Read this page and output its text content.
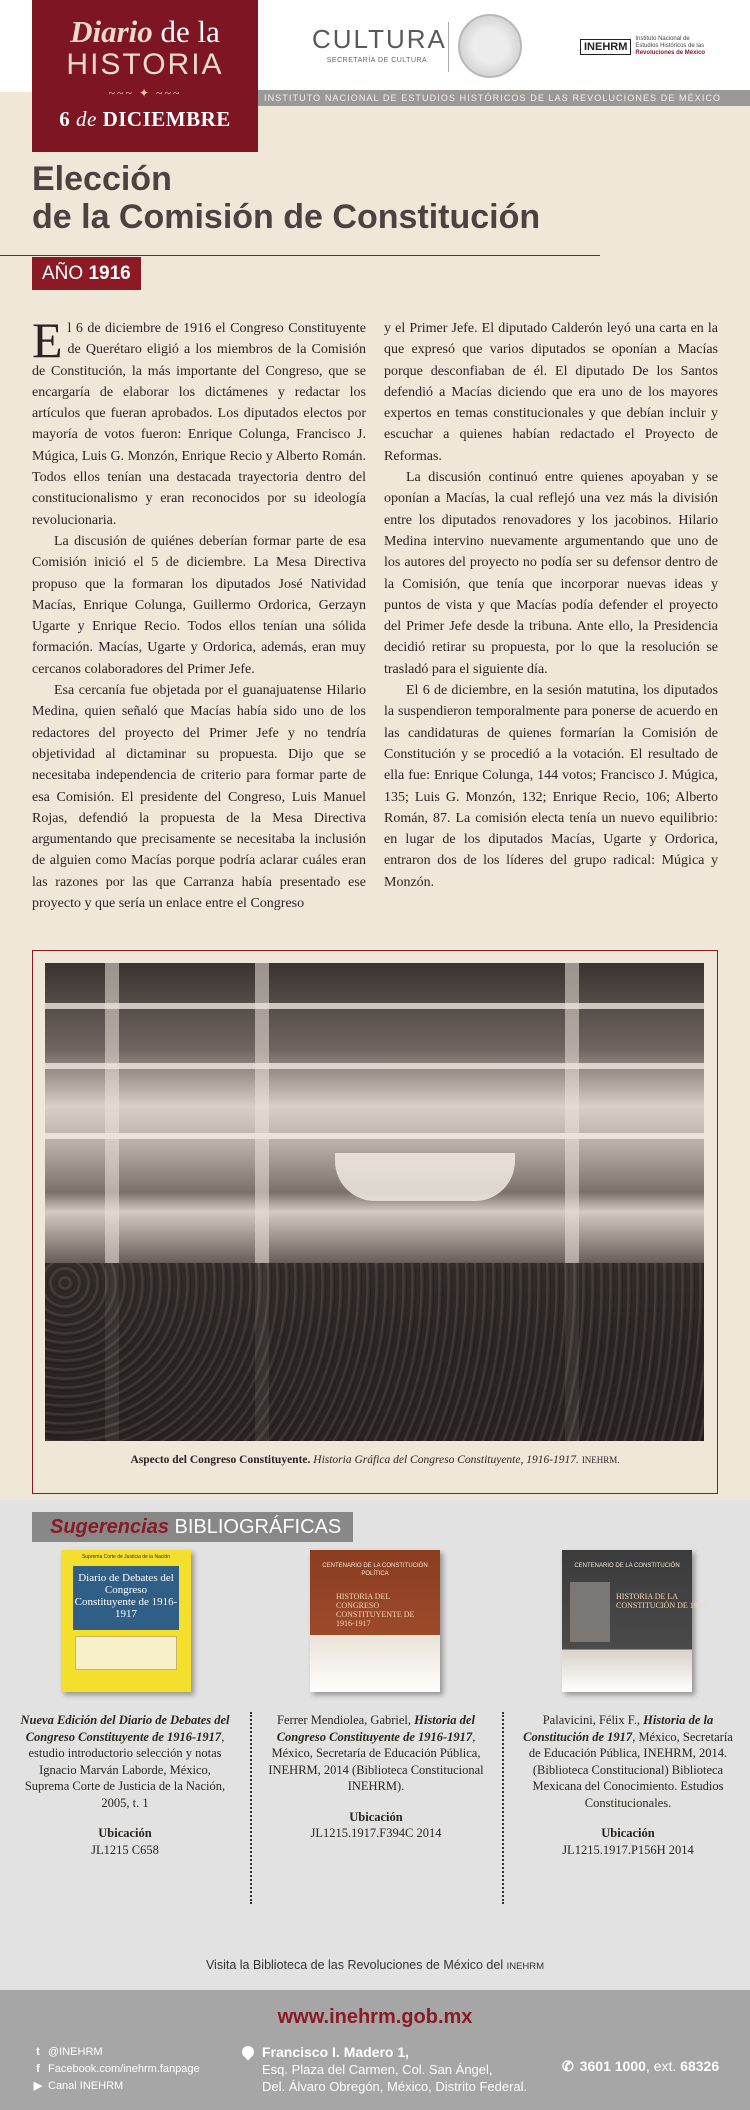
INSTITUTO NACIONAL DE ESTUDIOS HISTÓRICOS DE LAS REVOLUCIONES DE MÉXICO
Diario de la
HISTORIA
~~~ ✦ ~~~
6 de DICIEMBRE
CULTURA
SECRETARÍA DE CULTURA
INEHRM
Instituto Nacional de
Estudios Históricos de las
Revoluciones de México
Elección
de la Comisión de Constitución
AÑO 1916

El 6 de diciembre de 1916 el Congreso Constituyente de Querétaro eligió a los miembros de la Comisión de Constitución, la más importante del Congreso, que se encargaría de elaborar los dictámenes y redactar los artículos que fueran aprobados. Los diputados electos por mayoría de votos fueron: Enrique Colunga, Francisco J. Múgica, Luis G. Monzón, Enrique Recio y Alberto Román. Todos ellos tenían una destacada trayectoria dentro del constitucionalismo y eran reconocidos por su ideología revolucionaria.

La discusión de quiénes deberían formar parte de esa Comisión inició el 5 de diciembre. La Mesa Directiva propuso que la formaran los diputados José Natividad Macías, Enrique Colunga, Guillermo Ordorica, Gerzayn Ugarte y Enrique Recio. Todos ellos tenían una sólida formación. Macías, Ugarte y Ordorica, además, eran muy cercanos colaboradores del Primer Jefe.

Esa cercanía fue objetada por el guanajuatense Hilario Medina, quien señaló que Macías había sido uno de los redactores del proyecto del Primer Jefe y no tendría objetividad al dictaminar su propuesta. Dijo que se necesitaba independencia de criterio para formar parte de esa Comisión. El presidente del Congreso, Luis Manuel Rojas, defendió la propuesta de la Mesa Directiva argumentando que precisamente se necesitaba la inclusión de alguien como Macías porque podría aclarar cuáles eran las razones por las que Carranza había presentado ese proyecto y que sería un enlace entre el Congreso

y el Primer Jefe. El diputado Calderón leyó una carta en la que expresó que varios diputados se oponían a Macías porque desconfiaban de él. El diputado De los Santos defendió a Macías diciendo que era uno de los mayores expertos en temas constitucionales y que debían incluir y escuchar a quienes habían redactado el Proyecto de Reformas.

La discusión continuó entre quienes apoyaban y se oponían a Macías, la cual reflejó una vez más la división entre los diputados renovadores y los jacobinos. Hilario Medina intervino nuevamente argumentando que uno de los autores del proyecto no podía ser su defensor dentro de la Comisión, que tenía que incorporar nuevas ideas y puntos de vista y que Macías podía defender el proyecto del Primer Jefe desde la tribuna. Ante ello, la Presidencia decidió retirar su propuesta, por lo que la resolución se trasladó para el siguiente día.

El 6 de diciembre, en la sesión matutina, los diputados la suspendieron temporalmente para ponerse de acuerdo en las candidaturas de quienes formarían la Comisión de Constitución y se procedió a la votación. El resultado de ella fue: Enrique Colunga, 144 votos; Francisco J. Múgica, 135; Luis G. Monzón, 132; Enrique Recio, 106; Alberto Román, 87. La comisión electa tenía un nuevo equilibrio: en lugar de los diputados Macías, Ugarte y Ordorica, entraron dos de los líderes del grupo radical: Múgica y Monzón.

Aspecto del Congreso Constituyente. Historia Gráfica del Congreso Constituyente, 1916-1917. INEHRM.
Sugerencias BIBLIOGRÁFICAS
Suprema Corte de Justicia de la Nación
Diario de Debates del Congreso Constituyente de 1916-1917
CENTENARIO DE LA CONSTITUCIÓN POLÍTICA
HISTORIA DEL CONGRESO CONSTITUYENTE DE 1916-1917
CENTENARIO DE LA CONSTITUCIÓN
HISTORIA DE LA CONSTITUCIÓN DE 1917
Nueva Edición del Diario de Debates del Congreso Constituyente de 1916-1917, estudio introductorio selección y notas Ignacio Marván Laborde, México, Suprema Corte de Justicia de la Nación, 2005, t. 1
Ubicación
JL1215 C658
Ferrer Mendiolea, Gabriel, Historia del Congreso Constituyente de 1916-1917, México, Secretaría de Educación Pública, INEHRM, 2014 (Biblioteca Constitucional INEHRM).
Ubicación
JL1215.1917.F394C 2014
Palavicini, Félix F., Historia de la Constitución de 1917, México, Secretaría de Educación Pública, INEHRM, 2014. (Biblioteca Constitucional) Biblioteca Mexicana del Conocimiento. Estudios Constitucionales.
Ubicación
JL1215.1917.P156H 2014
Visita la Biblioteca de las Revoluciones de México del INEHRM
www.inehrm.gob.mx
t @INEHRM
f Facebook.com/inehrm.fanpage
▶ Canal INEHRM
Francisco I. Madero 1,
Esq. Plaza del Carmen, Col. San Ángel,
Del. Álvaro Obregón, México, Distrito Federal.
✆ 3601 1000, ext. 68326
